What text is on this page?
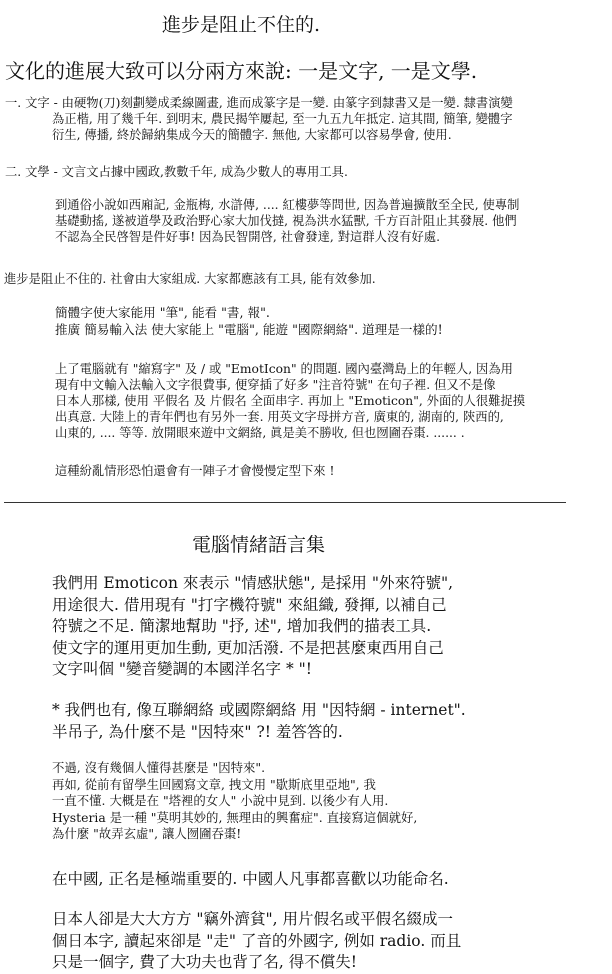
進步是阻止不住的.
文化的進展大致可以分兩方來說: 一是文字, 一是文學.
一. 文字 - 由硬物(刀)刻劃變成柔線圖畫, 進而成篆字是一變. 由篆字到隸書又是一變. 隸書演變
為正楷, 用了幾千年. 到明末, 農民揭竿屢起, 至一九五九年抵定. 這其間, 簡筆, 變體字
衍生, 傳播, 終於歸納集成今天的簡體字. 無他, 大家都可以容易學會, 使用.
二. 文學 - 文言文占據中國政,教數千年, 成為少數人的專用工具.
到通俗小說如西廂記, 金瓶梅, 水滸傳, .... 紅樓夢等問世, 因為普遍擴散至全民, 使專制
基礎動搖, 遂被道學及政治野心家大加伐撻, 視為洪水猛獸, 千方百計阻止其發展. 他們
不認為全民啓智是件好事! 因為民智開啓, 社會發達, 對這群人沒有好處.
進步是阻止不住的. 社會由大家組成. 大家都應該有工具, 能有效參加.
簡體字使大家能用 "筆", 能看 "書, 報".
推廣 簡易輸入法 使大家能上 "電腦", 能遊 "國際網絡". 道理是一樣的!
上了電腦就有 "縮寫字" 及 / 或 "EmotIcon" 的問題. 國內臺灣島上的年輕人, 因為用
現有中文輸入法輸入文字很費事, 便穿插了好多 "注音符號" 在句子裡. 但又不是像
日本人那樣, 使用 平假名 及 片假名 全面串字. 再加上 "Emoticon", 外面的人很難捉摸
出真意. 大陸上的青年們也有另外一套. 用英文字母拼方音, 廣東的, 湖南的, 陝西的,
山東的, .... 等等. 放開眼來遊中文網絡, 眞是美不勝收, 但也囫圇吞棗. ...... .
這種紛亂情形恐怕還會有一陣子才會慢慢定型下來 !
電腦情緒語言集
我們用 Emoticon 來表示 "情感狀態", 是採用 "外來符號",
用途很大. 借用現有 "打字機符號" 來組織, 發揮, 以補自己
符號之不足. 簡潔地幫助 "抒, 述", 增加我們的描表工具.
使文字的運用更加生動, 更加活潑. 不是把甚麼東西用自己
文字叫個 "變音變調的本國洋名字 * "!
* 我們也有, 像互聯網絡 或國際網絡 用 "因特網 - internet".
半吊子, 為什麼不是 "因特來" ?! 羞答答的.
不過, 沒有幾個人懂得甚麼是 "因特來".
再如, 從前有留學生回國寫文章, 拽文用 "歇斯底里亞地", 我
一直不懂. 大概是在 "塔裡的女人" 小說中見到. 以後少有人用.
Hysteria 是一種 "莫明其妙的, 無理由的興奮症". 直接寫這個就好,
為什麼 "故弄玄虛", 讓人囫圇吞棗!
在中國, 正名是極端重要的. 中國人凡事都喜歡以功能命名.
日本人卻是大大方方 "竊外濟貧", 用片假名或平假名綴成一
個日本字, 讀起來卻是 "走" 了音的外國字, 例如 radio. 而且
只是一個字, 費了大功夫也背了名, 得不償失!
